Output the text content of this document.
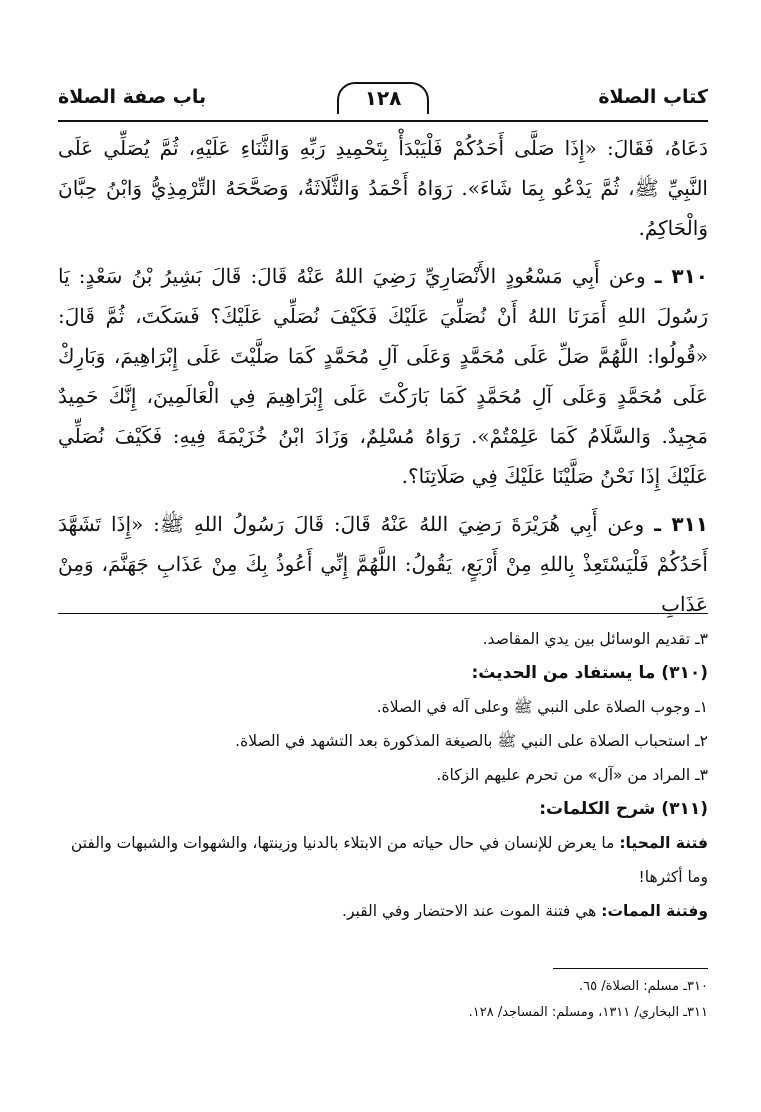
كتاب الصلاة
١٢٨
باب صفة الصلاة

دَعَاهُ، فَقَالَ: «إِذَا صَلَّى أَحَدُكُمْ فَلْيَبْدَأْ بِتَحْمِيدِ رَبِّهِ وَالثَّنَاءِ عَلَيْهِ، ثُمَّ يُصَلِّي عَلَى النَّبِيِّ ﷺ، ثُمَّ يَدْعُو بِمَا شَاءَ». رَوَاهُ أَحْمَدُ وَالثَّلَاثَةُ، وَصَحَّحَهُ التِّرْمِذِيُّ وَابْنُ حِبَّانَ وَالْحَاكِمُ.

٣١٠ ـ وعن أَبِي مَسْعُودٍ الأَنْصَارِيِّ رَضِيَ اللهُ عَنْهُ قَالَ: قَالَ بَشِيرُ بْنُ سَعْدٍ: يَا رَسُولَ اللهِ أَمَرَنَا اللهُ أَنْ نُصَلِّيَ عَلَيْكَ فَكَيْفَ نُصَلِّي عَلَيْكَ؟ فَسَكَتَ، ثُمَّ قَالَ: «قُولُوا: اللَّهُمَّ صَلِّ عَلَى مُحَمَّدٍ وَعَلَى آلِ مُحَمَّدٍ كَمَا صَلَّيْتَ عَلَى إِبْرَاهِيمَ، وَبَارِكْ عَلَى مُحَمَّدٍ وَعَلَى آلِ مُحَمَّدٍ كَمَا بَارَكْتَ عَلَى إِبْرَاهِيمَ فِي الْعَالَمِينَ، إِنَّكَ حَمِيدٌ مَجِيدٌ. وَالسَّلَامُ كَمَا عَلِمْتُمْ». رَوَاهُ مُسْلِمٌ، وَزَادَ ابْنُ خُزَيْمَةَ فِيهِ: فَكَيْفَ نُصَلِّي عَلَيْكَ إِذَا نَحْنُ صَلَّيْنَا عَلَيْكَ فِي صَلَاتِنَا؟.

٣١١ ـ وعن أَبِي هُرَيْرَةَ رَضِيَ اللهُ عَنْهُ قَالَ: قَالَ رَسُولُ اللهِ ﷺ: «إِذَا تَشَهَّدَ أَحَدُكُمْ فَلْيَسْتَعِذْ بِاللهِ مِنْ أَرْبَعٍ، يَقُولُ: اللَّهُمَّ إِنِّي أَعُوذُ بِكَ مِنْ عَذَابِ جَهَنَّمَ، وَمِنْ عَذَابِ

٣ـ تقديم الوسائل بين يدي المقاصد.

(٣١٠) ما يستفاد من الحديث:

١ـ وجوب الصلاة على النبي ﷺ وعلى آله في الصلاة.

٢ـ استحباب الصلاة على النبي ﷺ بالصيغة المذكورة بعد التشهد في الصلاة.

٣ـ المراد من «آل» من تحرم عليهم الزكاة.

(٣١١) شرح الكلمات:

فتنة المحيا: ما يعرض للإنسان في حال حياته من الابتلاء بالدنيا وزينتها، والشهوات والشبهات والفتن وما أكثرها!

وفتنة الممات: هي فتنة الموت عند الاحتضار وفي القبر.

٣١٠ـ مسلم: الصلاة/ ٦٥.
٣١١ـ البخاري/ ١٣١١، ومسلم: المساجد/ ١٢٨.
